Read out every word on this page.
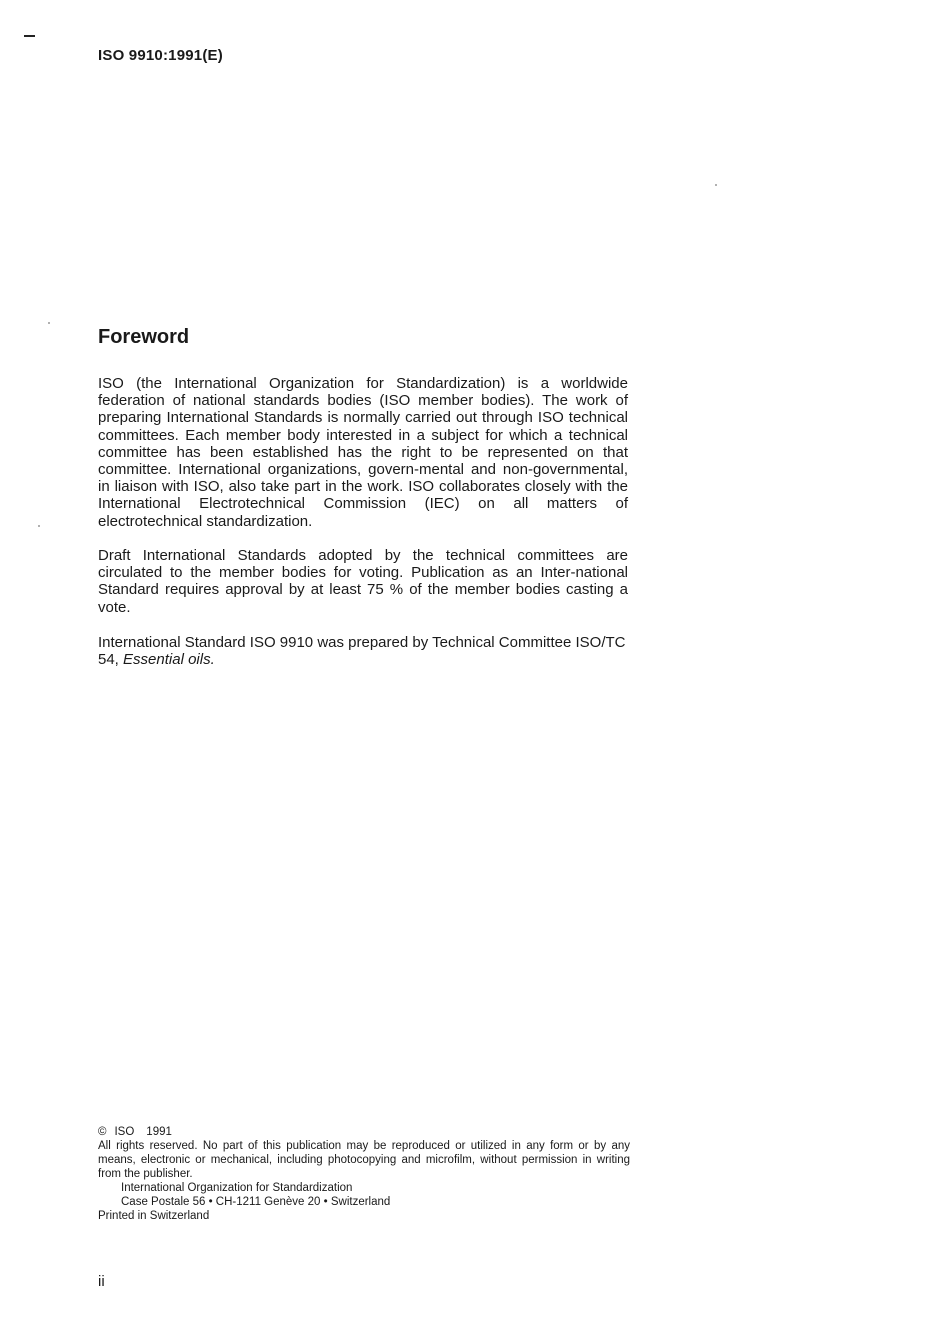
ISO 9910:1991(E)
Foreword

ISO (the International Organization for Standardization) is a worldwide federation of national standards bodies (ISO member bodies). The work of preparing International Standards is normally carried out through ISO technical committees. Each member body interested in a subject for which a technical committee has been established has the right to be represented on that committee. International organizations, govern-mental and non-governmental, in liaison with ISO, also take part in the work. ISO collaborates closely with the International Electrotechnical Commission (IEC) on all matters of electrotechnical standardization.

Draft International Standards adopted by the technical committees are circulated to the member bodies for voting. Publication as an Inter-national Standard requires approval by at least 75 % of the member bodies casting a vote.

International Standard ISO 9910 was prepared by Technical Committee ISO/TC 54, Essential oils.

© ISO 1991
All rights reserved. No part of this publication may be reproduced or utilized in any form or by any means, electronic or mechanical, including photocopying and microfilm, without permission in writing from the publisher.
International Organization for Standardization
Case Postale 56 • CH-1211 Genève 20 • Switzerland
Printed in Switzerland
ii
